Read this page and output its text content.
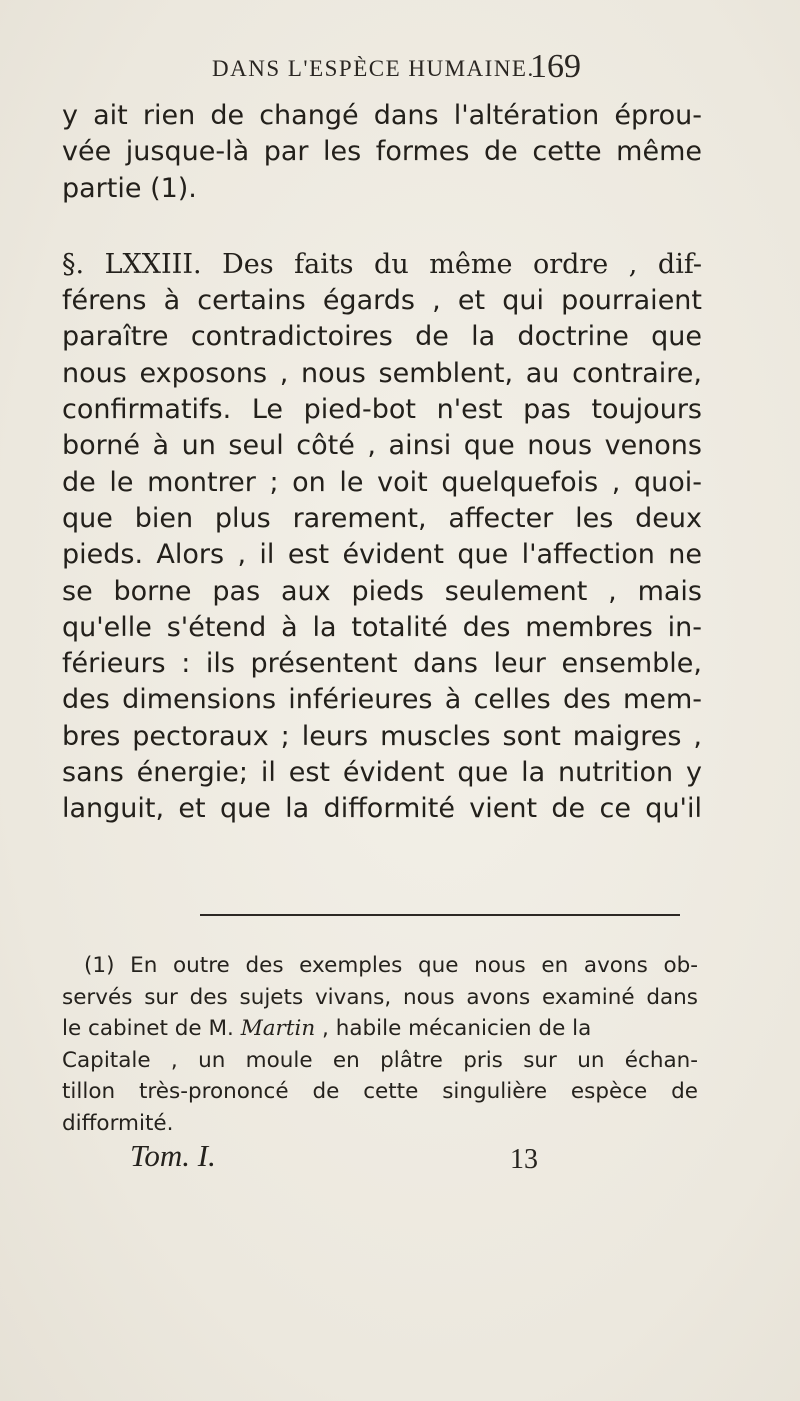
DANS L'ESPÈCE HUMAINE.
169
y ait rien de changé dans l'altération éprou-
vée jusque-là par les formes de cette même
partie (1).
§. LXXIII. Des faits du même ordre , dif-
férens à certains égards , et qui pourraient
paraître contradictoires de la doctrine que
nous exposons , nous semblent, au contraire,
confirmatifs. Le pied-bot n'est pas toujours
borné à un seul côté , ainsi que nous venons
de le montrer ; on le voit quelquefois , quoi-
que bien plus rarement, affecter les deux
pieds. Alors , il est évident que l'affection ne
se borne pas aux pieds seulement , mais
qu'elle s'étend à la totalité des membres in-
férieurs : ils présentent dans leur ensemble,
des dimensions inférieures à celles des mem-
bres pectoraux ; leurs muscles sont maigres ,
sans énergie; il est évident que la nutrition y
languit, et que la difformité vient de ce qu'il
(1) En outre des exemples que nous en avons ob-
servés sur des sujets vivans, nous avons examiné dans
le cabinet de M. Martin , habile mécanicien de la
Capitale , un moule en plâtre pris sur un échan-
tillon très-prononcé de cette singulière espèce de
difformité.
Tom. I.	13
